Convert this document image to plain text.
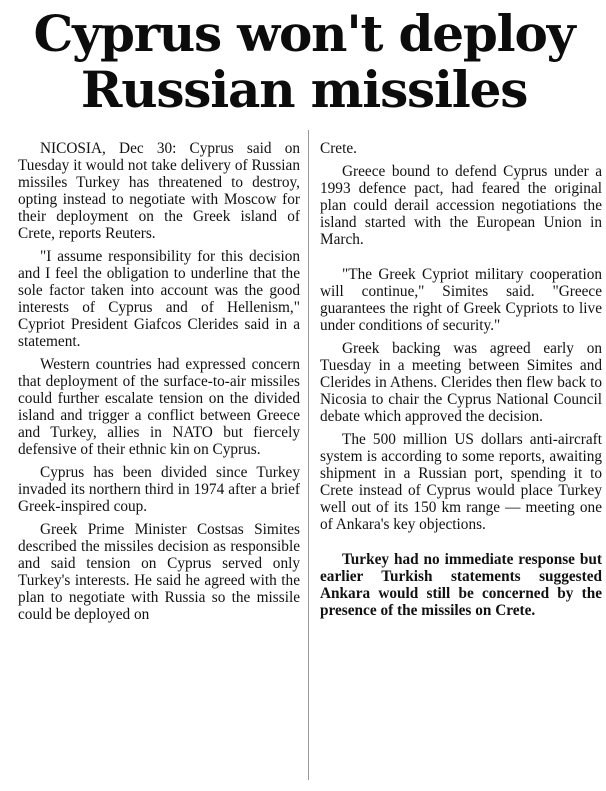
Cyprus won't deploy
Russian missiles

NICOSIA, Dec 30: Cyprus said on Tuesday it would not take delivery of Russian missiles Turkey has threatened to destroy, opting instead to negotiate with Moscow for their deployment on the Greek island of Crete, reports Reuters.

"I assume responsibility for this decision and I feel the obligation to underline that the sole factor taken into account was the good interests of Cyprus and of Hellenism," Cypriot President Giafcos Clerides said in a statement.

Western countries had expressed concern that deployment of the surface-to-air missiles could further escalate tension on the divided island and trigger a conflict between Greece and Turkey, allies in NATO but fiercely defensive of their ethnic kin on Cyprus.

Cyprus has been divided since Turkey invaded its northern third in 1974 after a brief Greek-inspired coup.

Greek Prime Minister Costsas Simites described the missiles decision as responsible and said tension on Cyprus served only Turkey's interests. He said he agreed with the plan to negotiate with Russia so the missile could be deployed on

Crete.

Greece bound to defend Cyprus under a 1993 defence pact, had feared the original plan could derail accession negotiations the island started with the European Union in March.

"The Greek Cypriot military cooperation will continue," Simites said. "Greece guarantees the right of Greek Cypriots to live under conditions of security."

Greek backing was agreed early on Tuesday in a meeting between Simites and Clerides in Athens. Clerides then flew back to Nicosia to chair the Cyprus National Council debate which approved the decision.

The 500 million US dollars anti-aircraft system is according to some reports, awaiting shipment in a Russian port, spending it to Crete instead of Cyprus would place Turkey well out of its 150 km range — meeting one of Ankara's key objections.

Turkey had no immediate response but earlier Turkish statements suggested Ankara would still be concerned by the presence of the missiles on Crete.
